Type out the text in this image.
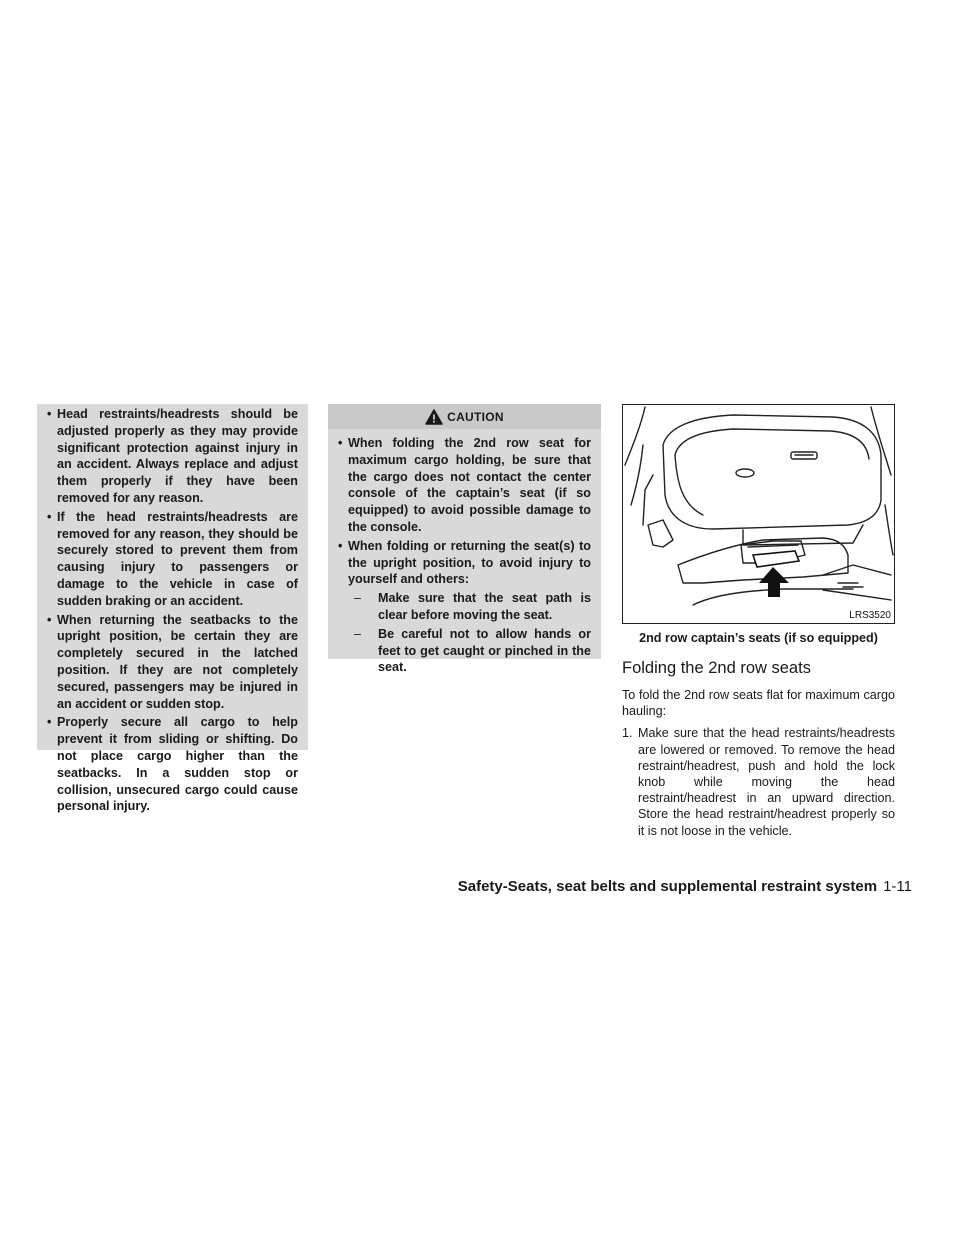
• Head restraints/headrests should be adjusted properly as they may provide significant protection against injury in an accident. Always replace and adjust them properly if they have been removed for any reason.
• If the head restraints/headrests are removed for any reason, they should be securely stored to prevent them from causing injury to passengers or damage to the vehicle in case of sudden braking or an accident.
• When returning the seatbacks to the upright position, be certain they are completely secured in the latched position. If they are not completely secured, passengers may be injured in an accident or sudden stop.
• Properly secure all cargo to help prevent it from sliding or shifting. Do not place cargo higher than the seatbacks. In a sudden stop or collision, unsecured cargo could cause personal injury.
CAUTION
• When folding the 2nd row seat for maximum cargo holding, be sure that the cargo does not contact the center console of the captain’s seat (if so equipped) to avoid possible damage to the console.
• When folding or returning the seat(s) to the upright position, to avoid injury to yourself and others:
– Make sure that the seat path is clear before moving the seat.
– Be careful not to allow hands or feet to get caught or pinched in the seat.
LRS3520
2nd row captain’s seats (if so equipped)
Folding the 2nd row seats

To fold the 2nd row seats flat for maximum cargo hauling:

1. Make sure that the head restraints/headrests are lowered or removed. To remove the head restraint/headrest, push and hold the lock knob while moving the head restraint/headrest in an upward direction. Store the head restraint/headrest properly so it is not loose in the vehicle.

Safety-Seats, seat belts and supplemental restraint system 1-11
